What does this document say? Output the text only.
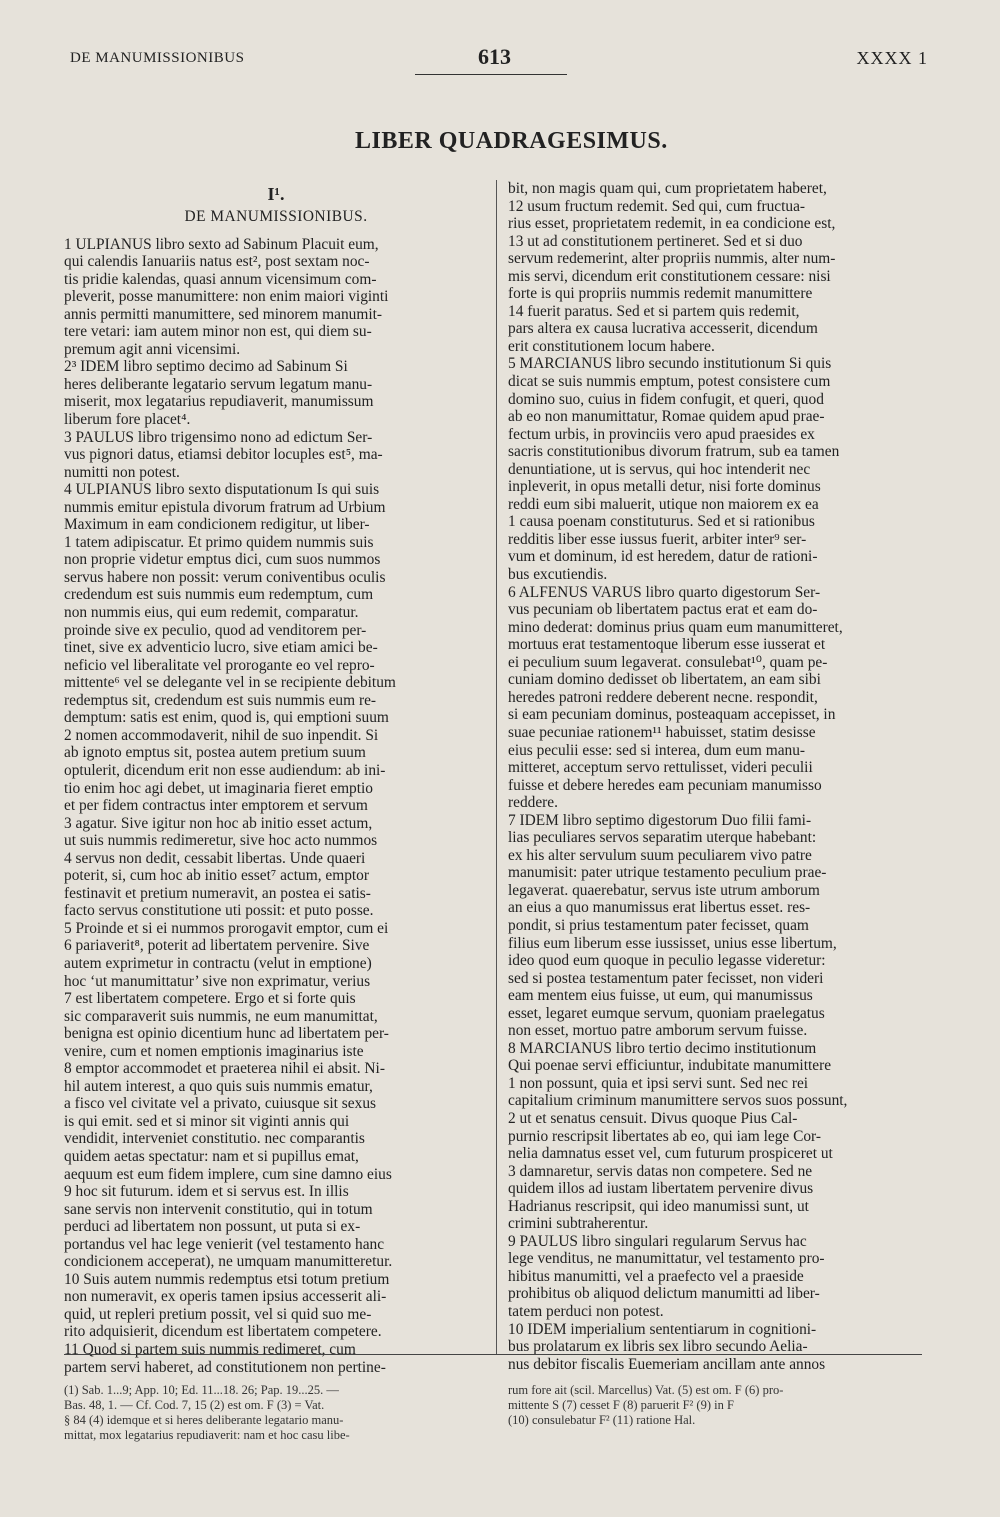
DE MANUMISSIONIBUS	613	XXXX 1
LIBER QUADRAGESIMUS.
I¹.
DE MANUMISSIONIBUS.
1 ULPIANUS libro sexto ad Sabinum Placuit eum,
qui calendis Ianuariis natus est², post sextam noc-
tis pridie kalendas, quasi annum vicensimum com-
pleverit, posse manumittere: non enim maiori viginti
annis permitti manumittere, sed minorem manumit-
tere vetari: iam autem minor non est, qui diem su-
premum agit anni vicensimi.
2³ IDEM libro septimo decimo ad Sabinum Si
heres deliberante legatario servum legatum manu-
miserit, mox legatarius repudiaverit, manumissum
liberum fore placet⁴.
3 PAULUS libro trigensimo nono ad edictum Ser-
vus pignori datus, etiamsi debitor locuples est⁵, ma-
numitti non potest.
4 ULPIANUS libro sexto disputationum Is qui suis
nummis emitur epistula divorum fratrum ad Urbium
Maximum in eam condicionem redigitur, ut liber-
1 tatem adipiscatur. Et primo quidem nummis suis
non proprie videtur emptus dici, cum suos nummos
servus habere non possit: verum coniventibus oculis
credendum est suis nummis eum redemptum, cum
non nummis eius, qui eum redemit, comparatur.
proinde sive ex peculio, quod ad venditorem per-
tinet, sive ex adventicio lucro, sive etiam amici be-
neficio vel liberalitate vel prorogante eo vel repro-
mittente⁶ vel se delegante vel in se recipiente debitum
redemptus sit, credendum est suis nummis eum re-
demptum: satis est enim, quod is, qui emptioni suum
2 nomen accommodaverit, nihil de suo inpendit. Si
ab ignoto emptus sit, postea autem pretium suum
optulerit, dicendum erit non esse audiendum: ab ini-
tio enim hoc agi debet, ut imaginaria fieret emptio
et per fidem contractus inter emptorem et servum
3 agatur. Sive igitur non hoc ab initio esset actum,
ut suis nummis redimeretur, sive hoc acto nummos
4 servus non dedit, cessabit libertas. Unde quaeri
poterit, si, cum hoc ab initio esset⁷ actum, emptor
festinavit et pretium numeravit, an postea ei satis-
facto servus constitutione uti possit: et puto posse.
5 Proinde et si ei nummos prorogavit emptor, cum ei
6 pariaverit⁸, poterit ad libertatem pervenire. Sive
autem exprimetur in contractu (velut in emptione)
hoc ‘ut manumittatur’ sive non exprimatur, verius
7 est libertatem competere. Ergo et si forte quis
sic comparaverit suis nummis, ne eum manumittat,
benigna est opinio dicentium hunc ad libertatem per-
venire, cum et nomen emptionis imaginarius iste
8 emptor accommodet et praeterea nihil ei absit. Ni-
hil autem interest, a quo quis suis nummis ematur,
a fisco vel civitate vel a privato, cuiusque sit sexus
is qui emit. sed et si minor sit viginti annis qui
vendidit, interveniet constitutio. nec comparantis
quidem aetas spectatur: nam et si pupillus emat,
aequum est eum fidem implere, cum sine damno eius
9 hoc sit futurum. idem et si servus est. In illis
sane servis non intervenit constitutio, qui in totum
perduci ad libertatem non possunt, ut puta si ex-
portandus vel hac lege venierit (vel testamento hanc
condicionem acceperat), ne umquam manumitteretur.
10 Suis autem nummis redemptus etsi totum pretium
non numeravit, ex operis tamen ipsius accesserit ali-
quid, ut repleri pretium possit, vel si quid suo me-
rito adquisierit, dicendum est libertatem competere.
11 Quod si partem suis nummis redimeret, cum
partem servi haberet, ad constitutionem non pertine-
bit, non magis quam qui, cum proprietatem haberet,
12 usum fructum redemit. Sed qui, cum fructua-
rius esset, proprietatem redemit, in ea condicione est,
13 ut ad constitutionem pertineret. Sed et si duo
servum redemerint, alter propriis nummis, alter num-
mis servi, dicendum erit constitutionem cessare: nisi
forte is qui propriis nummis redemit manumittere
14 fuerit paratus. Sed et si partem quis redemit,
pars altera ex causa lucrativa accesserit, dicendum
erit constitutionem locum habere.
5 MARCIANUS libro secundo institutionum Si quis
dicat se suis nummis emptum, potest consistere cum
domino suo, cuius in fidem confugit, et queri, quod
ab eo non manumittatur, Romae quidem apud prae-
fectum urbis, in provinciis vero apud praesides ex
sacris constitutionibus divorum fratrum, sub ea tamen
denuntiatione, ut is servus, qui hoc intenderit nec
inpleverit, in opus metalli detur, nisi forte dominus
reddi eum sibi maluerit, utique non maiorem ex ea
1 causa poenam constituturus. Sed et si rationibus
redditis liber esse iussus fuerit, arbiter inter⁹ ser-
vum et dominum, id est heredem, datur de rationi-
bus excutiendis.
6 ALFENUS VARUS libro quarto digestorum Ser-
vus pecuniam ob libertatem pactus erat et eam do-
mino dederat: dominus prius quam eum manumitteret,
mortuus erat testamentoque liberum esse iusserat et
ei peculium suum legaverat. consulebat¹⁰, quam pe-
cuniam domino dedisset ob libertatem, an eam sibi
heredes patroni reddere deberent necne. respondit,
si eam pecuniam dominus, posteaquam accepisset, in
suae pecuniae rationem¹¹ habuisset, statim desisse
eius peculii esse: sed si interea, dum eum manu-
mitteret, acceptum servo rettulisset, videri peculii
fuisse et debere heredes eam pecuniam manumisso
reddere.
7 IDEM libro septimo digestorum Duo filii fami-
lias peculiares servos separatim uterque habebant:
ex his alter servulum suum peculiarem vivo patre
manumisit: pater utrique testamento peculium prae-
legaverat. quaerebatur, servus iste utrum amborum
an eius a quo manumissus erat libertus esset. res-
pondit, si prius testamentum pater fecisset, quam
filius eum liberum esse iussisset, unius esse libertum,
ideo quod eum quoque in peculio legasse videretur:
sed si postea testamentum pater fecisset, non videri
eam mentem eius fuisse, ut eum, qui manumissus
esset, legaret eumque servum, quoniam praelegatus
non esset, mortuo patre amborum servum fuisse.
8 MARCIANUS libro tertio decimo institutionum
Qui poenae servi efficiuntur, indubitate manumittere
1 non possunt, quia et ipsi servi sunt. Sed nec rei
capitalium criminum manumittere servos suos possunt,
2 ut et senatus censuit. Divus quoque Pius Cal-
purnio rescripsit libertates ab eo, qui iam lege Cor-
nelia damnatus esset vel, cum futurum prospiceret ut
3 damnaretur, servis datas non competere. Sed ne
quidem illos ad iustam libertatem pervenire divus
Hadrianus rescripsit, qui ideo manumissi sunt, ut
crimini subtraherentur.
9 PAULUS libro singulari regularum Servus hac
lege venditus, ne manumittatur, vel testamento pro-
hibitus manumitti, vel a praefecto vel a praeside
prohibitus ob aliquod delictum manumitti ad liber-
tatem perduci non potest.
10 IDEM imperialium sententiarum in cognitioni-
bus prolatarum ex libris sex libro secundo Aelia-
nus debitor fiscalis Euemeriam ancillam ante annos
(1) Sab. 1...9; App. 10; Ed. 11...18. 26; Pap. 19...25. —
Bas. 48, 1. — Cf. Cod. 7, 15 (2) est om. F (3) = Vat.
§ 84 (4) idemque et si heres deliberante legatario manu-
mittat, mox legatarius repudiaverit: nam et hoc casu libe-
rum fore ait (scil. Marcellus) Vat. (5) est om. F (6) pro-
mittente S (7) cesset F (8) paruerit F² (9) in F
(10) consulebatur F² (11) ratione Hal.
